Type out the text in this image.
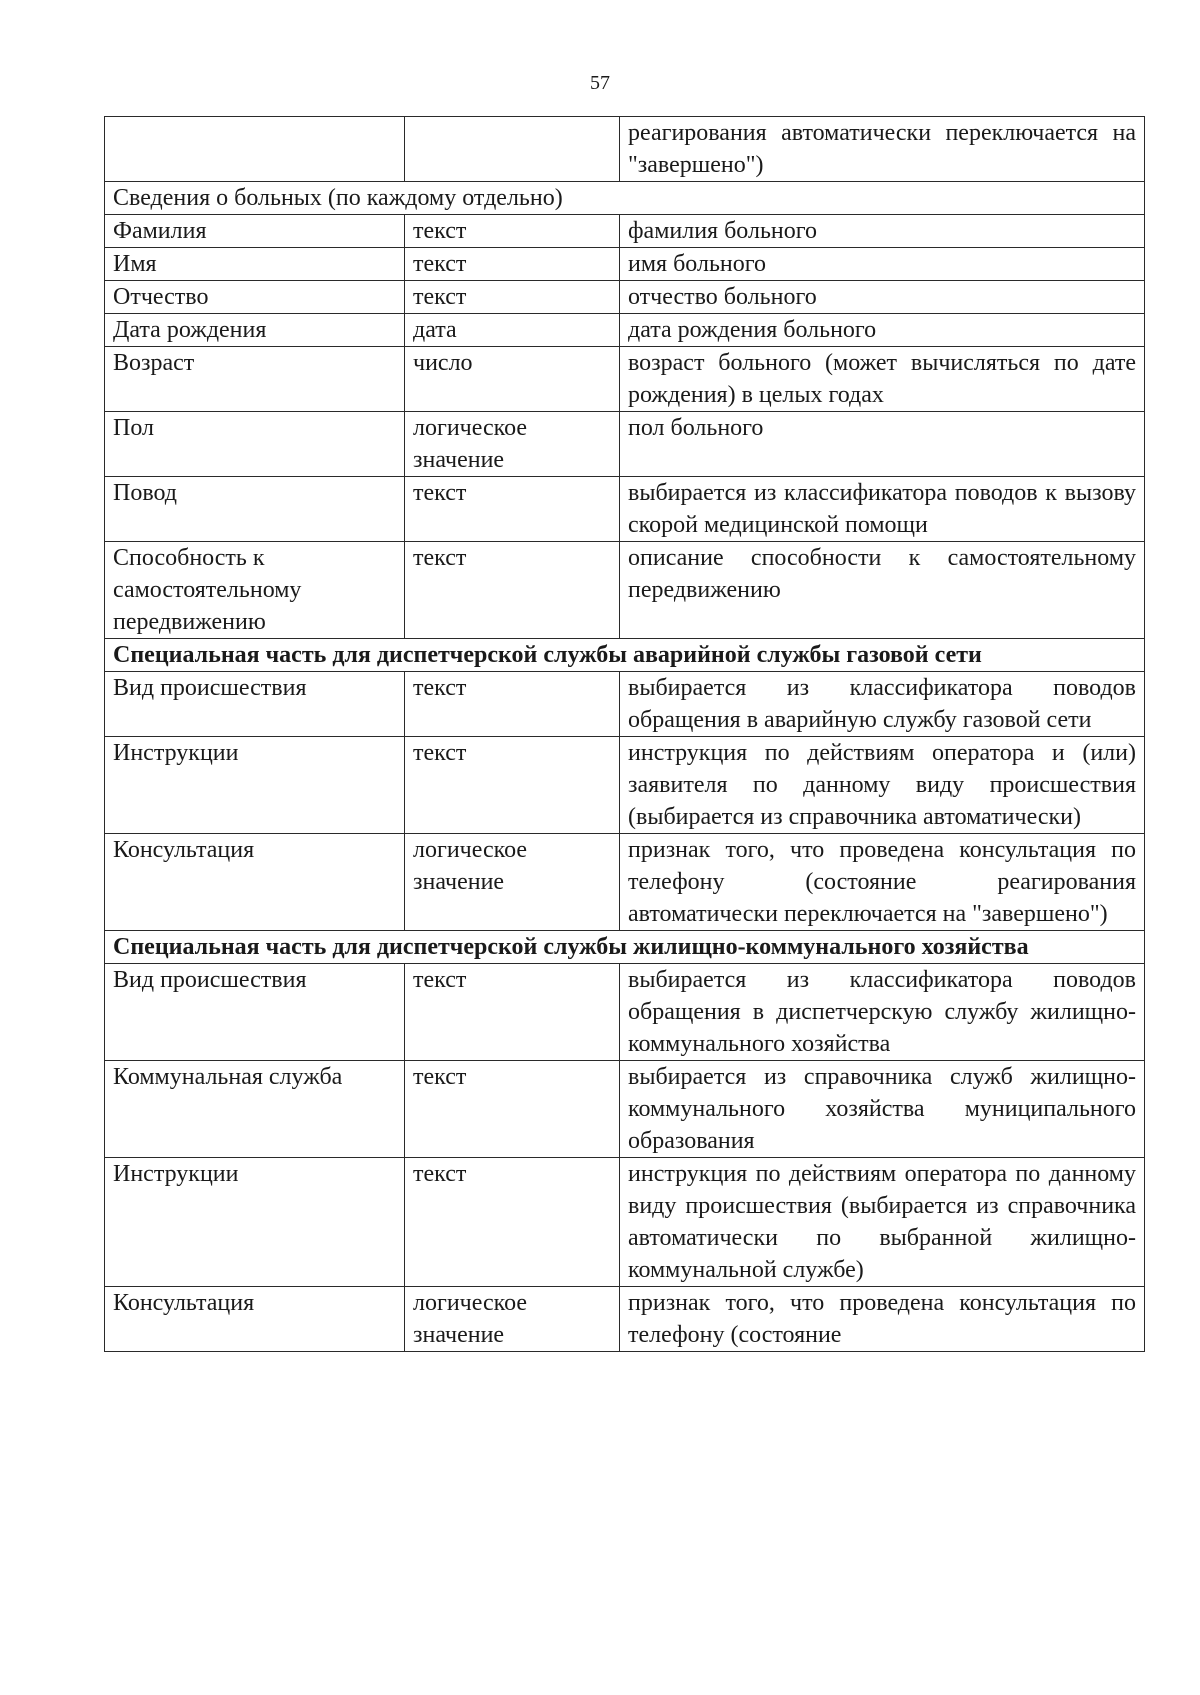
57
		реагирования автоматически переключается на "завершено")
Сведения о больных (по каждому отдельно)		
Фамилия	текст	фамилия больного
Имя	текст	имя больного
Отчество	текст	отчество больного
Дата рождения	дата	дата рождения больного
Возраст	число	возраст больного (может вычисляться по дате рождения) в целых годах
Пол	логическое значение	пол больного
Повод	текст	выбирается из классификатора поводов к вызову скорой медицинской помощи
Способность к самостоятельному передвижению	текст	описание способности к самостоятельному передвижению
Специальная часть для диспетчерской службы аварийной службы газовой сети		
Вид происшествия	текст	выбирается из классификатора поводов обращения в аварийную службу газовой сети
Инструкции	текст	инструкция по действиям оператора и (или) заявителя по данному виду происшествия (выбирается из справочника автоматически)
Консультация	логическое значение	признак того, что проведена консультация по телефону (состояние реагирования автоматически переключается на "завершено")
Специальная часть для диспетчерской службы жилищно-коммунального хозяйства		
Вид происшествия	текст	выбирается из классификатора поводов обращения в диспетчерскую службу жилищно-коммунального хозяйства
Коммунальная служба	текст	выбирается из справочника служб жилищно-коммунального хозяйства муниципального образования
Инструкции	текст	инструкция по действиям оператора по данному виду происшествия (выбирается из справочника автоматически по выбранной жилищно-коммунальной службе)
Консультация	логическое значение	признак того, что проведена консультация по телефону (состояние
